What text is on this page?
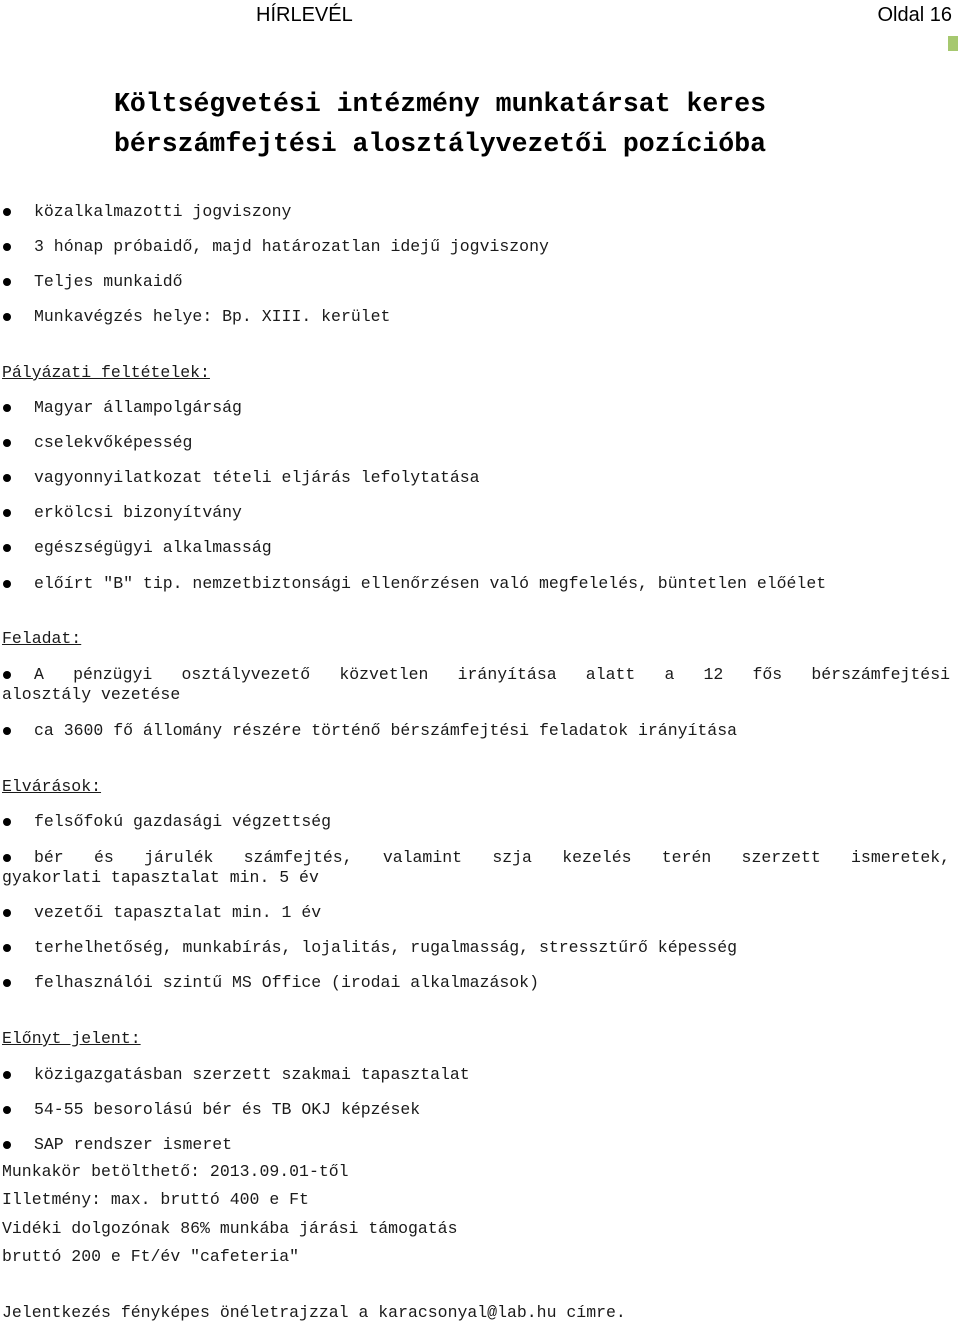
HÍRLEVÉL	Oldal 16
Költségvetési intézmény munkatársat keres
bérszámfejtési alosztályvezetői pozícióba
közalkalmazotti jogviszony
3 hónap próbaidő, majd határozatlan idejű jogviszony
Teljes munkaidő
Munkavégzés helye: Bp. XIII. kerület
Pályázati feltételek:
Magyar állampolgárság
cselekvőképesség
vagyonnyilatkozat tételi eljárás lefolytatása
erkölcsi bizonyítvány
egészségügyi alkalmasság
előírt "B" tip. nemzetbiztonsági ellenőrzésen való megfelelés, büntetlen előélet
Feladat:
A pénzügyi osztályvezető közvetlen irányítása alatt a 12 fős bérszámfejtési
alosztály vezetése
ca 3600 fő állomány részére történő bérszámfejtési feladatok irányítása
Elvárások:
felsőfokú gazdasági végzettség
bér és járulék számfejtés, valamint szja kezelés terén szerzett ismeretek,
gyakorlati tapasztalat min. 5 év
vezetői tapasztalat min. 1 év
terhelhetőség, munkabírás, lojalitás, rugalmasság, stressztűrő képesség
felhasználói szintű MS Office (irodai alkalmazások)
Előnyt jelent:
közigazgatásban szerzett szakmai tapasztalat
54-55 besorolású bér és TB OKJ képzések
SAP rendszer ismeret
Munkakör betölthető: 2013.09.01-től
Illetmény: max. bruttó 400 e Ft
Vidéki dolgozónak 86% munkába járási támogatás
bruttó 200 e Ft/év "cafeteria"
Jelentkezés fényképes önéletrajzzal a karacsonyal@lab.hu címre.
